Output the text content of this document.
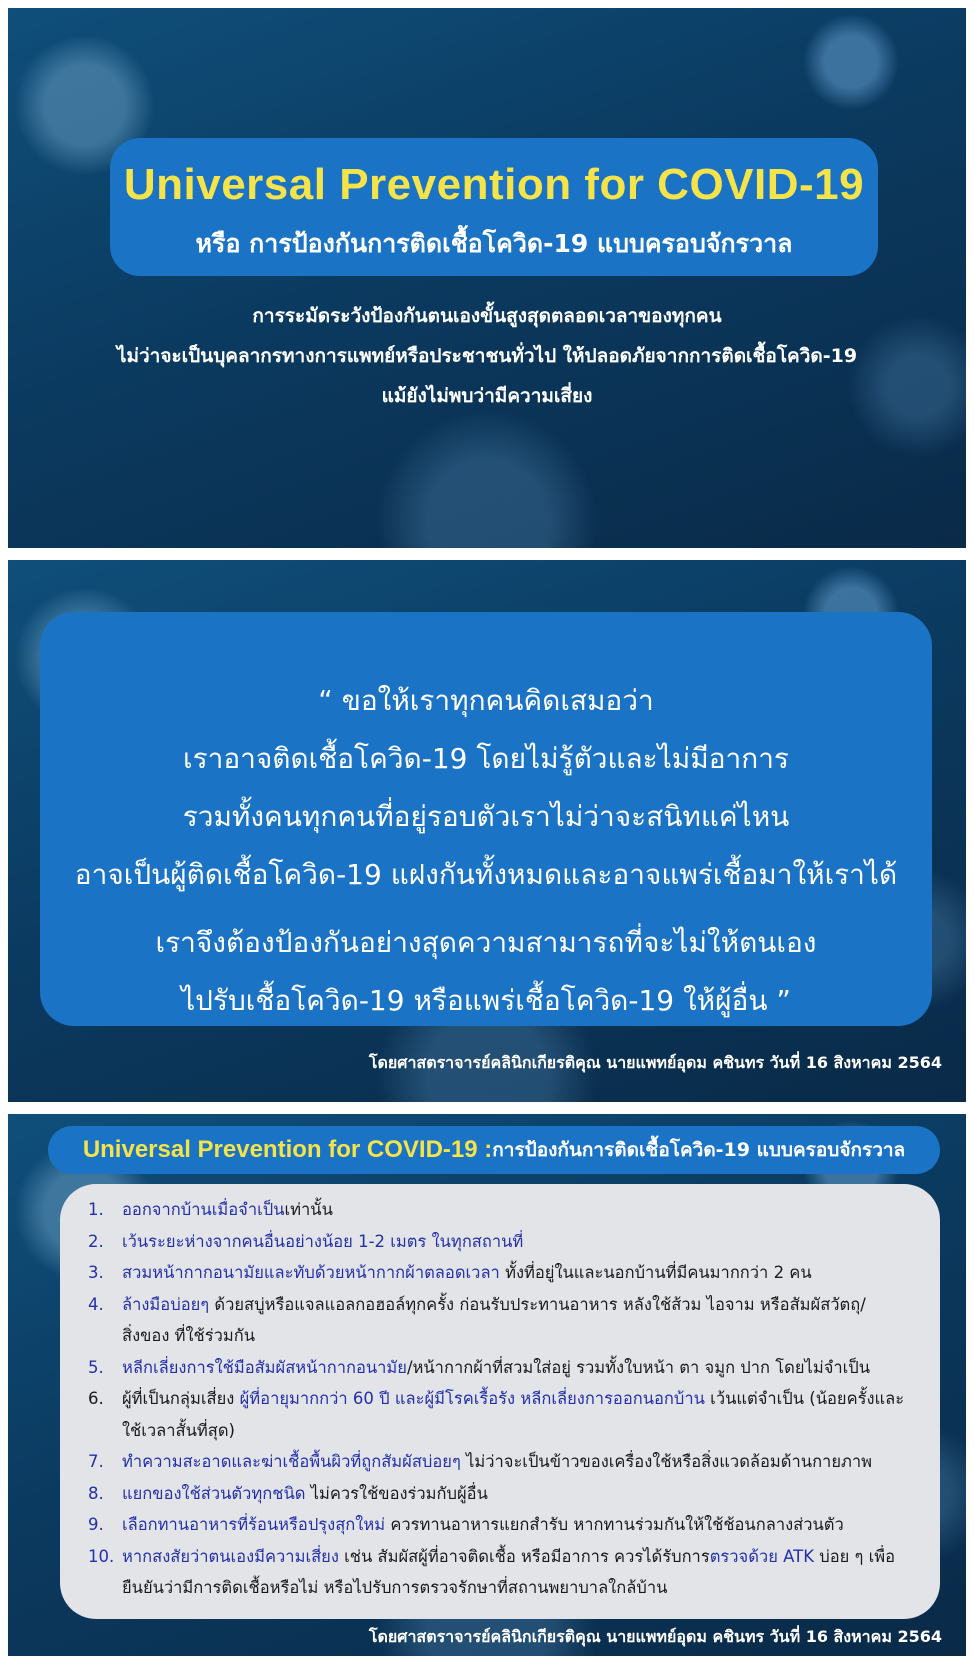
Universal Prevention for COVID-19
หรือ การป้องกันการติดเชื้อโควิด-19 แบบครอบจักรวาล
การระมัดระวังป้องกันตนเองขั้นสูงสุดตลอดเวลาของทุกคน
ไม่ว่าจะเป็นบุคลากรทางการแพทย์หรือประชาชนทั่วไป ให้ปลอดภัยจากการติดเชื้อโควิด-19
แม้ยังไม่พบว่ามีความเสี่ยง
“ ขอให้เราทุกคนคิดเสมอว่า
เราอาจติดเชื้อโควิด-19 โดยไม่รู้ตัวและไม่มีอาการ
รวมทั้งคนทุกคนที่อยู่รอบตัวเราไม่ว่าจะสนิทแค่ไหน
อาจเป็นผู้ติดเชื้อโควิด-19 แฝงกันทั้งหมดและอาจแพร่เชื้อมาให้เราได้
เราจึงต้องป้องกันอย่างสุดความสามารถที่จะไม่ให้ตนเอง
ไปรับเชื้อโควิด-19 หรือแพร่เชื้อโควิด-19 ให้ผู้อื่น ”
โดยศาสตราจารย์คลินิกเกียรติคุณ นายแพทย์อุดม คชินทร วันที่ 16 สิงหาคม 2564
Universal Prevention for COVID-19 : การป้องกันการติดเชื้อโควิด-19 แบบครอบจักรวาล
1.	ออกจากบ้านเมื่อจำเป็นเท่านั้น
2.	เว้นระยะห่างจากคนอื่นอย่างน้อย 1-2 เมตร ในทุกสถานที่
3.	สวมหน้ากากอนามัยและทับด้วยหน้ากากผ้าตลอดเวลา ทั้งที่อยู่ในและนอกบ้านที่มีคนมากกว่า 2 คน
4.	ล้างมือบ่อยๆ ด้วยสบู่หรือแจลแอลกอฮอล์ทุกครั้ง ก่อนรับประทานอาหาร หลังใช้ส้วม ไอจาม หรือสัมผัสวัตถุ/สิ่งของ ที่ใช้ร่วมกัน
5.	หลีกเลี่ยงการใช้มือสัมผัสหน้ากากอนามัย/หน้ากากผ้าที่สวมใส่อยู่ รวมทั้งใบหน้า ตา จมูก ปาก โดยไม่จำเป็น
6.	ผู้ที่เป็นกลุ่มเสี่ยง ผู้ที่อายุมากกว่า 60 ปี และผู้มีโรคเรื้อรัง หลีกเลี่ยงการออกนอกบ้าน เว้นแต่จำเป็น (น้อยครั้งและใช้เวลาสั้นที่สุด)
7.	ทำความสะอาดและฆ่าเชื้อพื้นผิวที่ถูกสัมผัสบ่อยๆ ไม่ว่าจะเป็นข้าวของเครื่องใช้หรือสิ่งแวดล้อมด้านกายภาพ
8.	แยกของใช้ส่วนตัวทุกชนิด ไม่ควรใช้ของร่วมกับผู้อื่น
9.	เลือกทานอาหารที่ร้อนหรือปรุงสุกใหม่ ควรทานอาหารแยกสำรับ หากทานร่วมกันให้ใช้ช้อนกลางส่วนตัว
10. หากสงสัยว่าตนเองมีความเสี่ยง เช่น สัมผัสผู้ที่อาจติดเชื้อ หรือมีอาการ ควรได้รับการตรวจด้วย ATK บ่อย ๆ เพื่อยืนยันว่ามีการติดเชื้อหรือไม่ หรือไปรับการตรวจรักษาที่สถานพยาบาลใกล้บ้าน
โดยศาสตราจารย์คลินิกเกียรติคุณ นายแพทย์อุดม คชินทร วันที่ 16 สิงหาคม 2564
